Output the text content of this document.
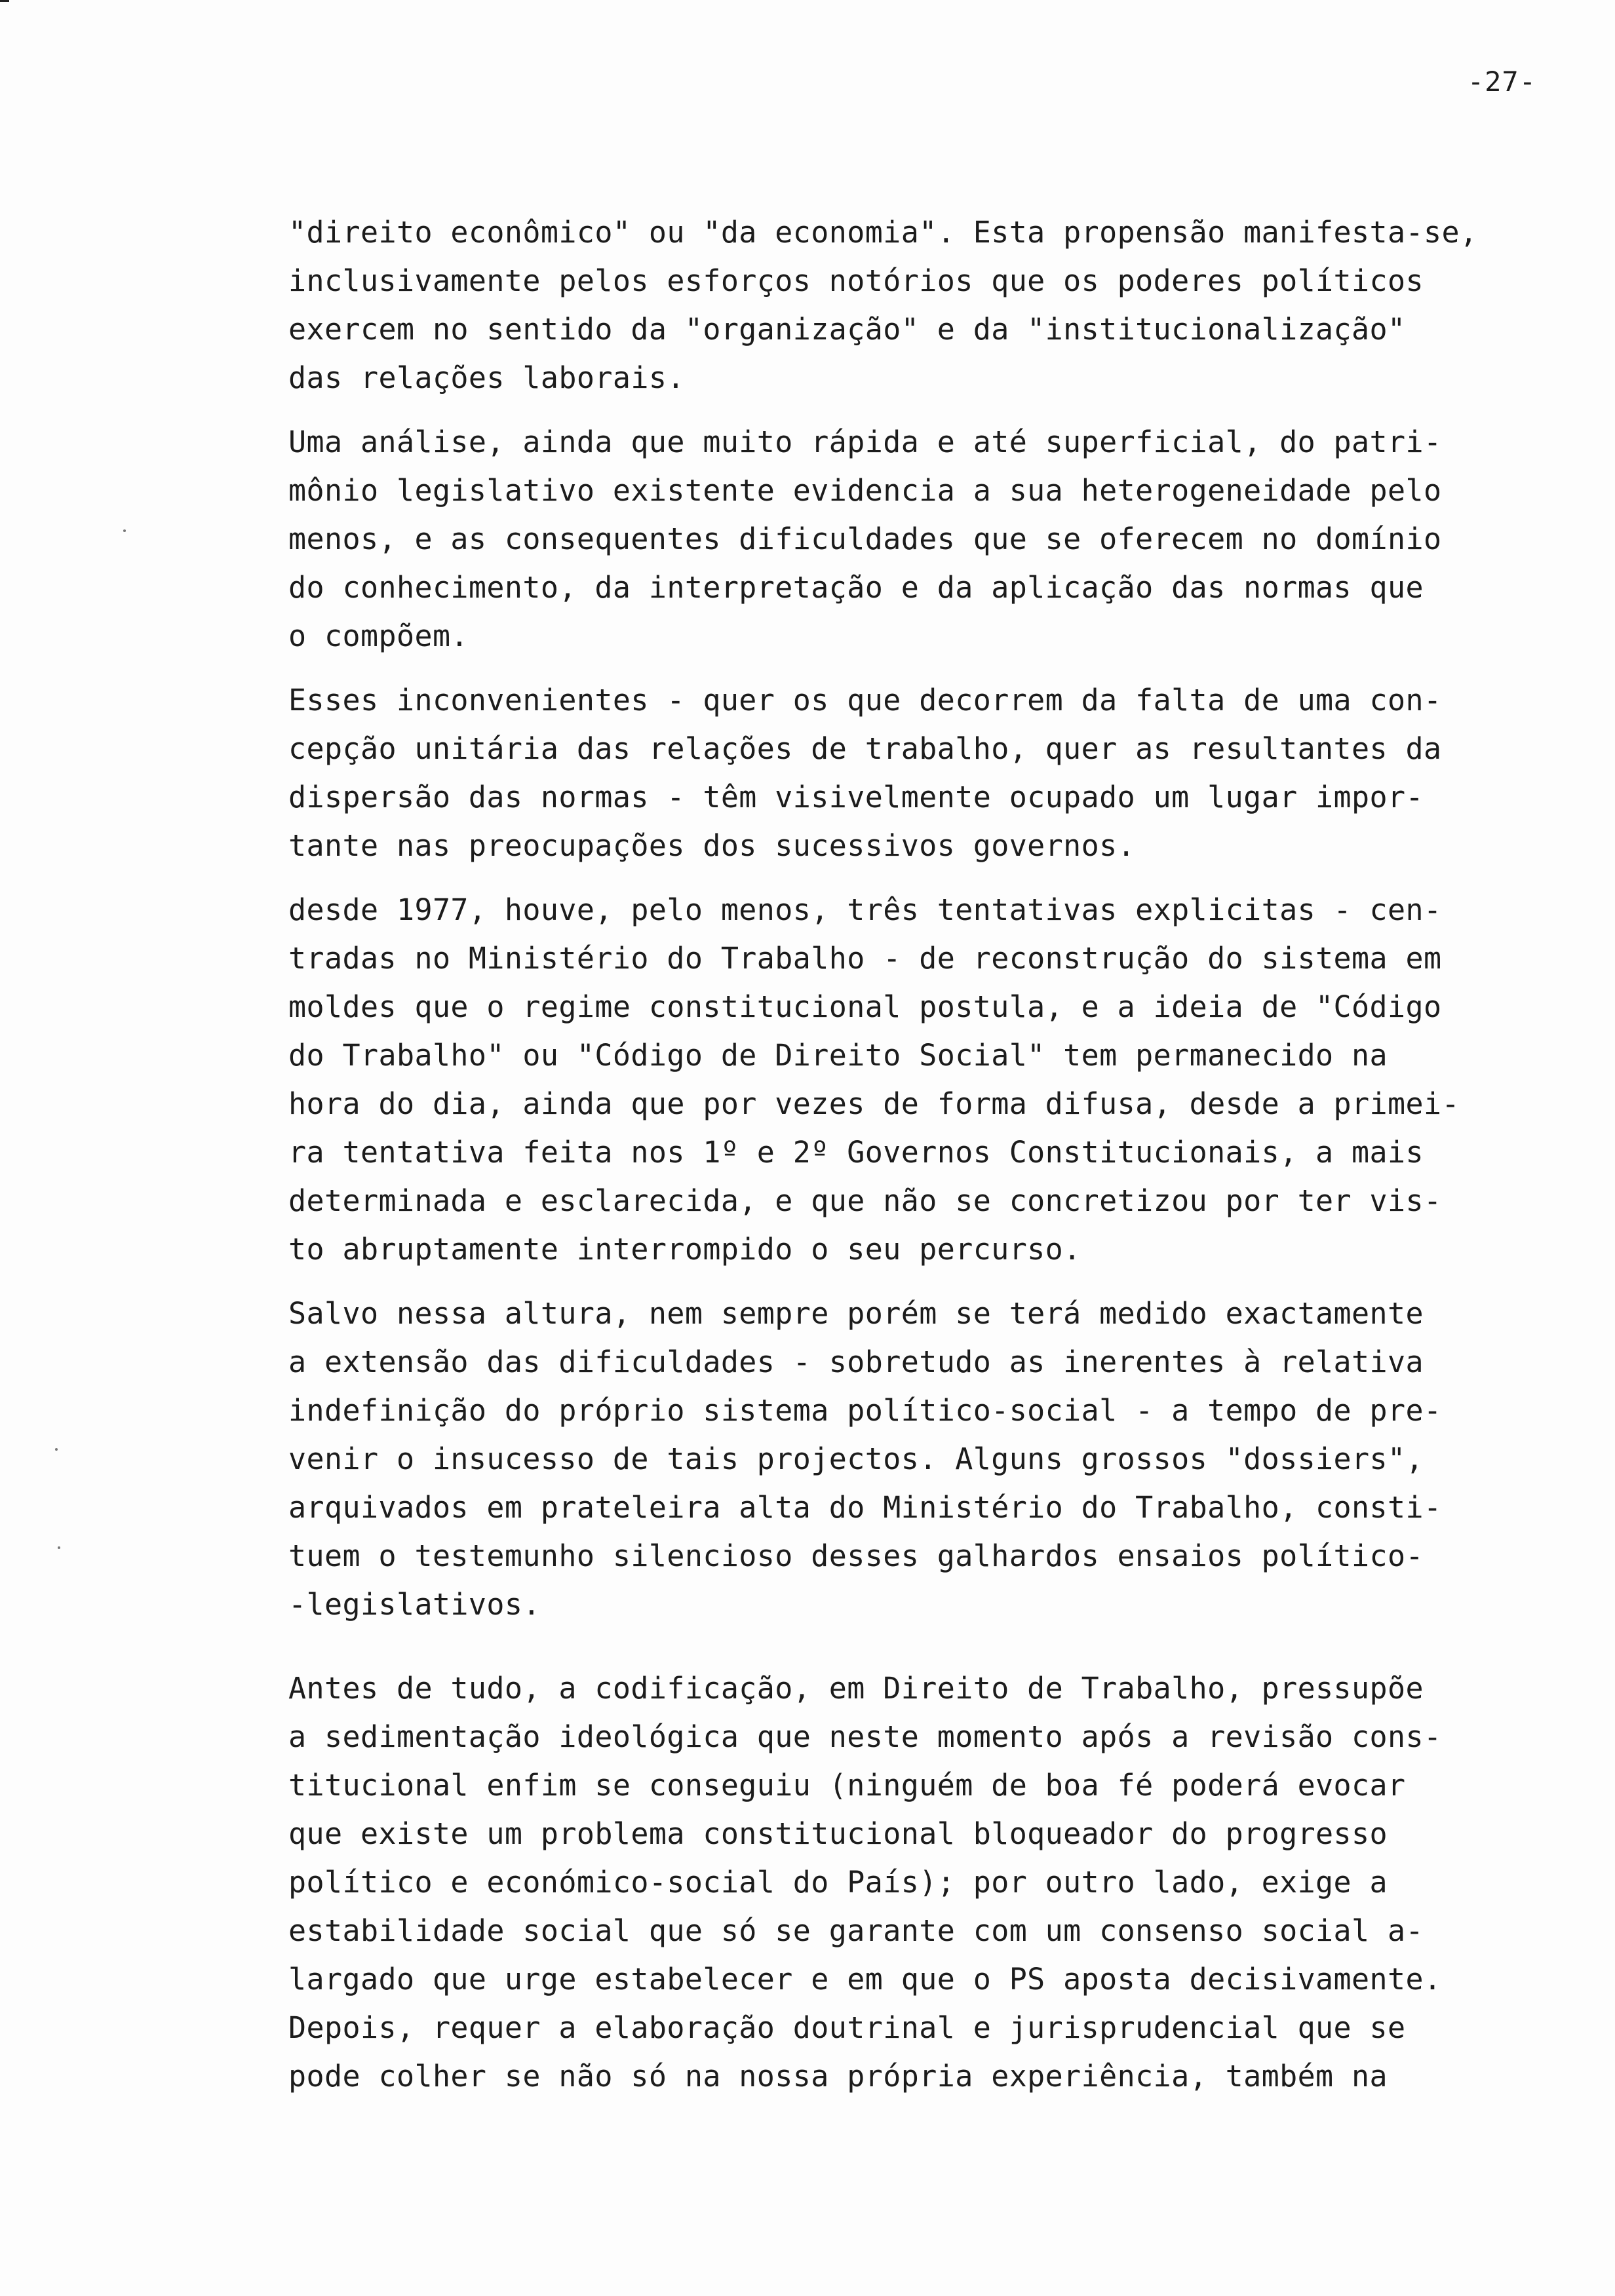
-27-
"direito econômico" ou "da economia". Esta propensão manifesta-se,
inclusivamente pelos esforços notórios que os poderes políticos
exercem no sentido da "organização" e da "institucionalização"
das relações laborais.
Uma análise, ainda que muito rápida e até superficial, do patri-
mônio legislativo existente evidencia a sua heterogeneidade pelo
menos, e as consequentes dificuldades que se oferecem no domínio
do conhecimento, da interpretação e da aplicação das normas que
o compõem.
Esses inconvenientes - quer os que decorrem da falta de uma con-
cepção unitária das relações de trabalho, quer as resultantes da
dispersão das normas - têm visivelmente ocupado um lugar impor-
tante nas preocupações dos sucessivos governos.
desde 1977, houve, pelo menos, três tentativas explicitas - cen-
tradas no Ministério do Trabalho - de reconstrução do sistema em
moldes que o regime constitucional postula, e a ideia de "Código
do Trabalho" ou "Código de Direito Social" tem permanecido na
hora do dia, ainda que por vezes de forma difusa, desde a primei-
ra tentativa feita nos 1º e 2º Governos Constitucionais, a mais
determinada e esclarecida, e que não se concretizou por ter vis-
to abruptamente interrompido o seu percurso.
Salvo nessa altura, nem sempre porém se terá medido exactamente
a extensão das dificuldades - sobretudo as inerentes à relativa
indefinição do próprio sistema político-social - a tempo de pre-
venir o insucesso de tais projectos. Alguns grossos "dossiers",
arquivados em prateleira alta do Ministério do Trabalho, consti-
tuem o testemunho silencioso desses galhardos ensaios político-
-legislativos.
Antes de tudo, a codificação, em Direito de Trabalho, pressupõe
a sedimentação ideológica que neste momento após a revisão cons-
titucional enfim se conseguiu (ninguém de boa fé poderá evocar
que existe um problema constitucional bloqueador do progresso
político e económico-social do País); por outro lado, exige a
estabilidade social que só se garante com um consenso social a-
largado que urge estabelecer e em que o PS aposta decisivamente.
Depois, requer a elaboração doutrinal e jurisprudencial que se
pode colher se não só na nossa própria experiência, também na
